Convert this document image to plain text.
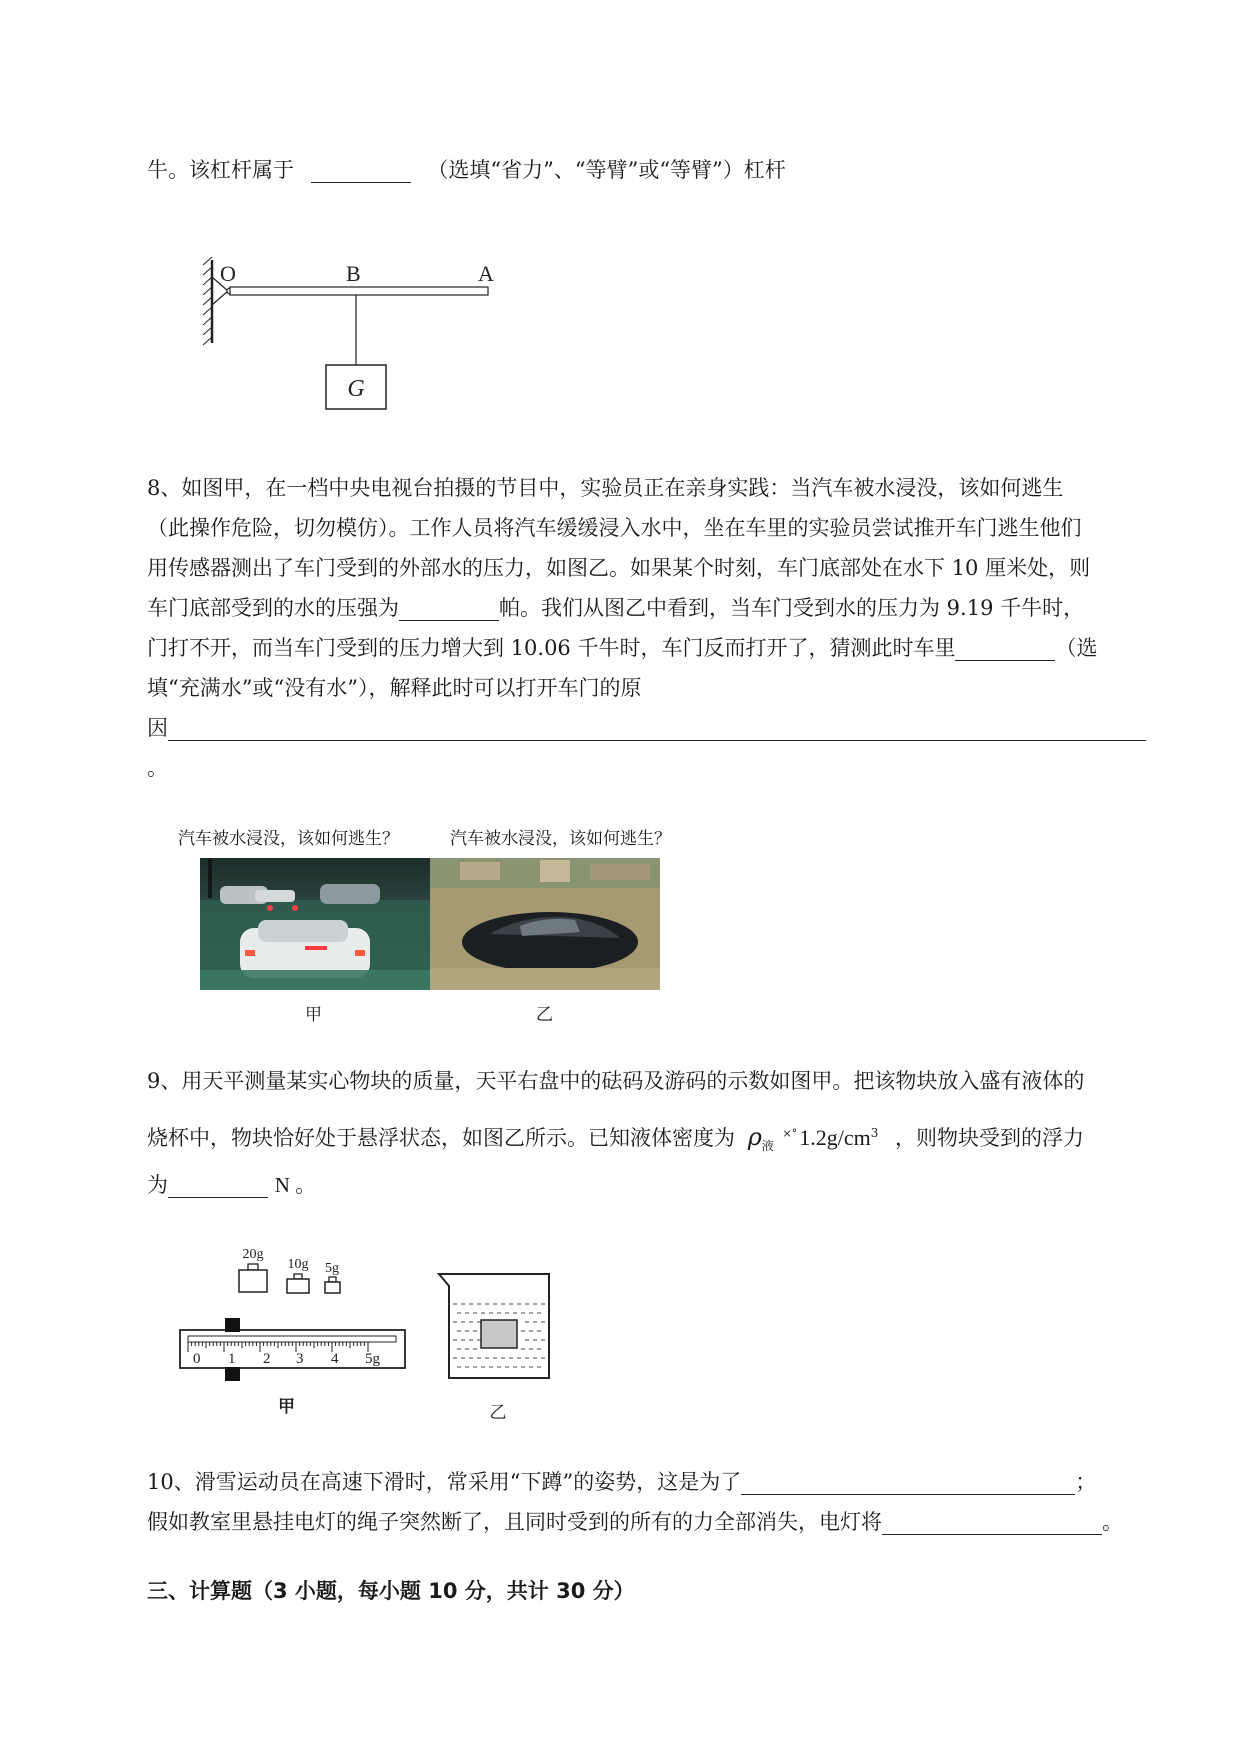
牛。该杠杆属于	（选填“省力”、“等臂”或“等臂”）杠杆
G
O	B	A
8、如图甲，在一档中央电视台拍摄的节目中，实验员正在亲身实践：当汽车被水浸没，该如何逃生
（此操作危险，切勿模仿）。工作人员将汽车缓缓浸入水中，坐在车里的实验员尝试推开车门逃生他们
用传感器测出了车门受到的外部水的压力，如图乙。如果某个时刻，车门底部处在水下 10 厘米处，则
车门底部受到的水的压强为	帕。我们从图乙中看到，当车门受到水的压力为 9.19 千牛时，
门打不开，而当车门受到的压力增大到 10.06 千牛时，车门反而打开了，猜测此时车里	（选
填“充满水”或“没有水”），解释此时可以打开车门的原
因
。
汽车被水浸没，该如何逃生？	汽车被水浸没，该如何逃生？
甲	乙
9、用天平测量某实心物块的质量，天平右盘中的砝码及游码的示数如图甲。把该物块放入盛有液体的
烧杯中，物块恰好处于悬浮状态，如图乙所示。已知液体密度为 $\rho_液$ $^{\times^\circ}1.2g/cm^3$ ，则物块受到的浮力
为	N 。
20g
10g 5g
0 1 2 3 4 5g
甲	乙
10、滑雪运动员在高速下滑时，常采用“下蹲”的姿势，这是为了	；
假如教室里悬挂电灯的绳子突然断了，且同时受到的所有的力全部消失，电灯将	。
三、计算题（3 小题，每小题 10 分，共计 30 分）
